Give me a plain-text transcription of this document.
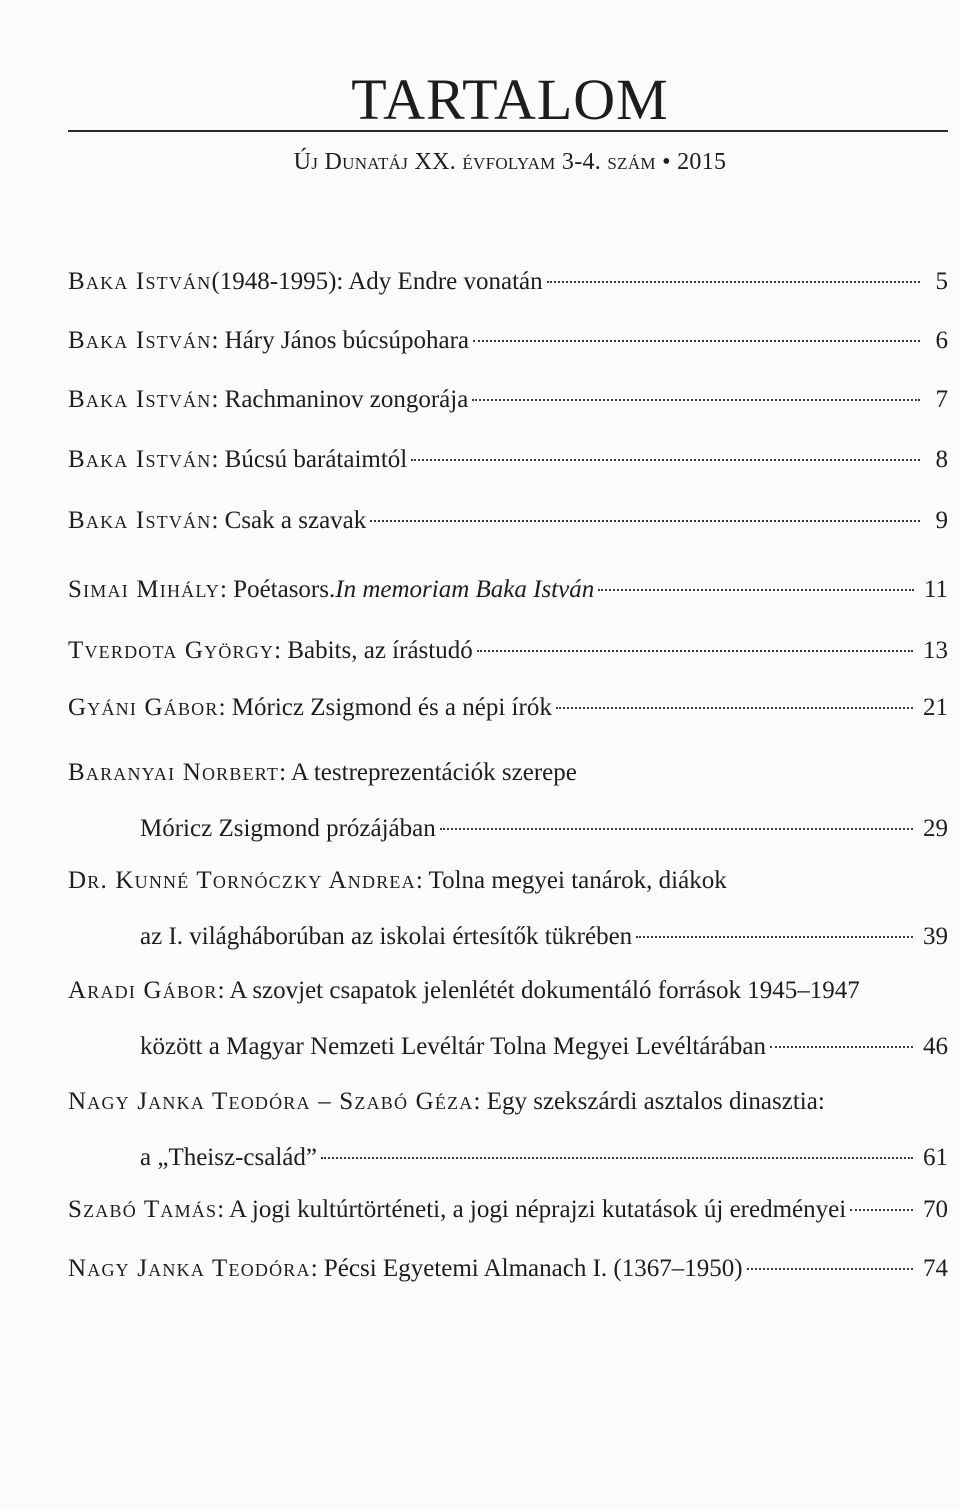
TARTALOM
Új Dunatáj XX. évfolyam 3-4. szám • 2015
Baka István (1948-1995): Ady Endre vonatán	5
Baka István : Háry János búcsúpohara	6
Baka István : Rachmaninov zongorája	7
Baka István : Búcsú barátaimtól	8
Baka István : Csak a szavak	9
Simai Mihály : Poétasors. In memoriam Baka István	11
Tverdota György : Babits, az írástudó	13
Gyáni Gábor : Móricz Zsigmond és a népi írók	21
Baranyai Norbert : A testreprezentációk szerepe
Móricz Zsigmond prózájában	29
Dr. Kunné Tornóczky Andrea : Tolna megyei tanárok, diákok
az I. világháborúban az iskolai értesítők tükrében	39
Aradi Gábor : A szovjet csapatok jelenlétét dokumentáló források 1945–1947
között a Magyar Nemzeti Levéltár Tolna Megyei Levéltárában	46
Nagy Janka Teodóra – Szabó Géza : Egy szekszárdi asztalos dinasztia:
a „Theisz-család”	61
Szabó Tamás : A jogi kultúrtörténeti, a jogi néprajzi kutatások új eredményei	70
Nagy Janka Teodóra : Pécsi Egyetemi Almanach I. (1367–1950)	74
